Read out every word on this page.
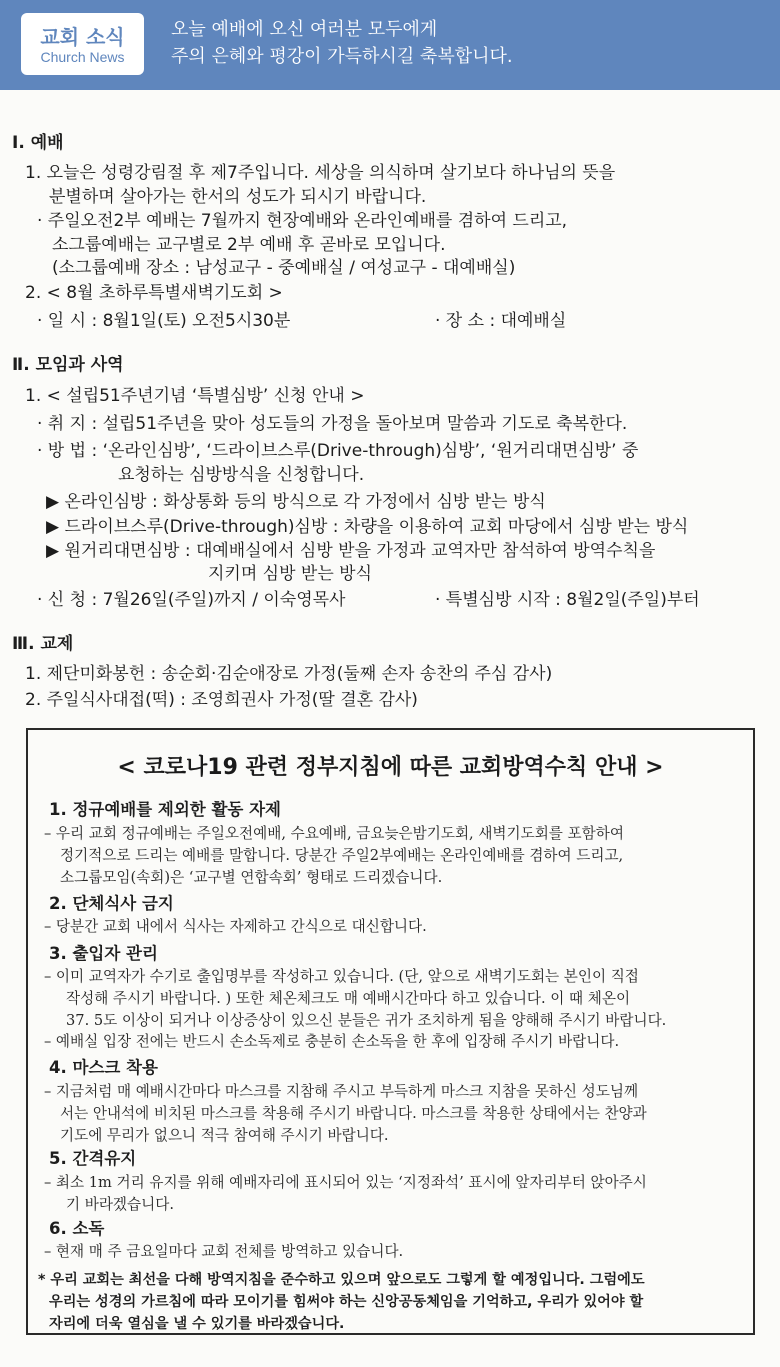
교회 소식
Church News
오늘 예배에 오신 여러분 모두에게
주의 은혜와 평강이 가득하시길 축복합니다.
Ⅰ. 예배
1. 오늘은 성령강림절 후 제7주입니다. 세상을 의식하며 살기보다 하나님의 뜻을
분별하며 살아가는 한서의 성도가 되시기 바랍니다.
· 주일오전2부 예배는 7월까지 현장예배와 온라인예배를 겸하여 드리고,
소그룹예배는 교구별로 2부 예배 후 곧바로 모입니다.
(소그룹예배 장소 : 남성교구 - 중예배실 / 여성교구 - 대예배실)
2. < 8월 초하루특별새벽기도회 >
· 일 시 : 8월1일(토) 오전5시30분	· 장 소 : 대예배실
Ⅱ. 모임과 사역
1. < 설립51주년기념 ‘특별심방’ 신청 안내 >
· 취 지 : 설립51주년을 맞아 성도들의 가정을 돌아보며 말씀과 기도로 축복한다.
· 방 법 : ‘온라인심방’, ‘드라이브스루(Drive-through)심방’, ‘원거리대면심방’ 중
요청하는 심방방식을 신청합니다.
▶ 온라인심방 : 화상통화 등의 방식으로 각 가정에서 심방 받는 방식
▶ 드라이브스루(Drive-through)심방 : 차량을 이용하여 교회 마당에서 심방 받는 방식
▶ 원거리대면심방 : 대예배실에서 심방 받을 가정과 교역자만 참석하여 방역수칙을
지키며 심방 받는 방식
· 신 청 : 7월26일(주일)까지 / 이숙영목사	· 특별심방 시작 : 8월2일(주일)부터
Ⅲ. 교제
1. 제단미화봉헌 : 송순회·김순애장로 가정(둘째 손자 송찬의 주심 감사)
2. 주일식사대접(떡) : 조영희권사 가정(딸 결혼 감사)
< 코로나19 관련 정부지침에 따른 교회방역수칙 안내 >
1. 정규예배를 제외한 활동 자제
– 우리 교회 정규예배는 주일오전예배, 수요예배, 금요늦은밤기도회, 새벽기도회를 포함하여
정기적으로 드리는 예배를 말합니다. 당분간 주일2부예배는 온라인예배를 겸하여 드리고,
소그룹모임(속회)은 ‘교구별 연합속회’ 형태로 드리겠습니다.
2. 단체식사 금지
– 당분간 교회 내에서 식사는 자제하고 간식으로 대신합니다.
3. 출입자 관리
– 이미 교역자가 수기로 출입명부를 작성하고 있습니다. (단, 앞으로 새벽기도회는 본인이 직접
작성해 주시기 바랍니다. ) 또한 체온체크도 매 예배시간마다 하고 있습니다. 이 때 체온이
37. 5도 이상이 되거나 이상증상이 있으신 분들은 귀가 조치하게 됨을 양해해 주시기 바랍니다.
– 예배실 입장 전에는 반드시 손소독제로 충분히 손소독을 한 후에 입장해 주시기 바랍니다.
4. 마스크 착용
– 지금처럼 매 예배시간마다 마스크를 지참해 주시고 부득하게 마스크 지참을 못하신 성도님께
서는 안내석에 비치된 마스크를 착용해 주시기 바랍니다. 마스크를 착용한 상태에서는 찬양과
기도에 무리가 없으니 적극 참여해 주시기 바랍니다.
5. 간격유지
– 최소 1m 거리 유지를 위해 예배자리에 표시되어 있는 ‘지정좌석’ 표시에 앞자리부터 앉아주시
기 바라겠습니다.
6. 소독
– 현재 매 주 금요일마다 교회 전체를 방역하고 있습니다.
* 우리 교회는 최선을 다해 방역지침을 준수하고 있으며 앞으로도 그렇게 할 예정입니다. 그럼에도
우리는 성경의 가르침에 따라 모이기를 힘써야 하는 신앙공동체임을 기억하고, 우리가 있어야 할
자리에 더욱 열심을 낼 수 있기를 바라겠습니다.
